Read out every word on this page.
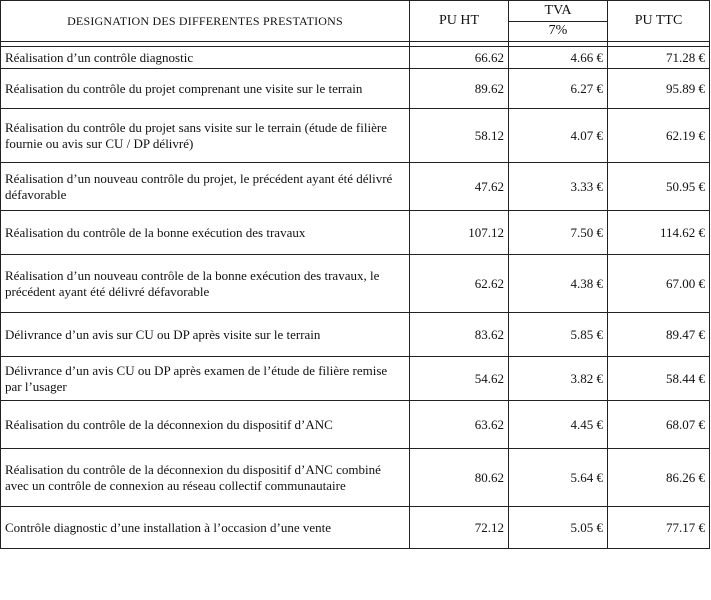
DESIGNATION DES DIFFERENTES PRESTATIONS	PU HT	TVA	PU TTC
		7%	

Réalisation d’un contrôle diagnostic	66.62	4.66 €	71.28 €
Réalisation du contrôle du projet comprenant une visite sur le terrain	89.62	6.27 €	95.89 €
Réalisation du contrôle du projet sans visite sur le terrain (étude de filière fournie ou avis sur CU / DP délivré)	58.12	4.07 €	62.19 €
Réalisation d’un nouveau contrôle du projet, le précédent ayant été délivré défavorable	47.62	3.33 €	50.95 €
Réalisation du contrôle de la bonne exécution des travaux	107.12	7.50 €	114.62 €
Réalisation d’un nouveau contrôle de la bonne exécution des travaux, le précédent ayant été délivré défavorable	62.62	4.38 €	67.00 €
Délivrance d’un avis sur CU ou DP après visite sur le terrain	83.62	5.85 €	89.47 €
Délivrance d’un avis CU ou DP après examen de l’étude de filière remise par l’usager	54.62	3.82 €	58.44 €
Réalisation du contrôle de la déconnexion du dispositif d’ANC	63.62	4.45 €	68.07 €
Réalisation du contrôle de la déconnexion du dispositif d’ANC combiné avec un contrôle de connexion au réseau collectif communautaire	80.62	5.64 €	86.26 €
Contrôle diagnostic d’une installation à l’occasion d’une vente	72.12	5.05 €	77.17 €
